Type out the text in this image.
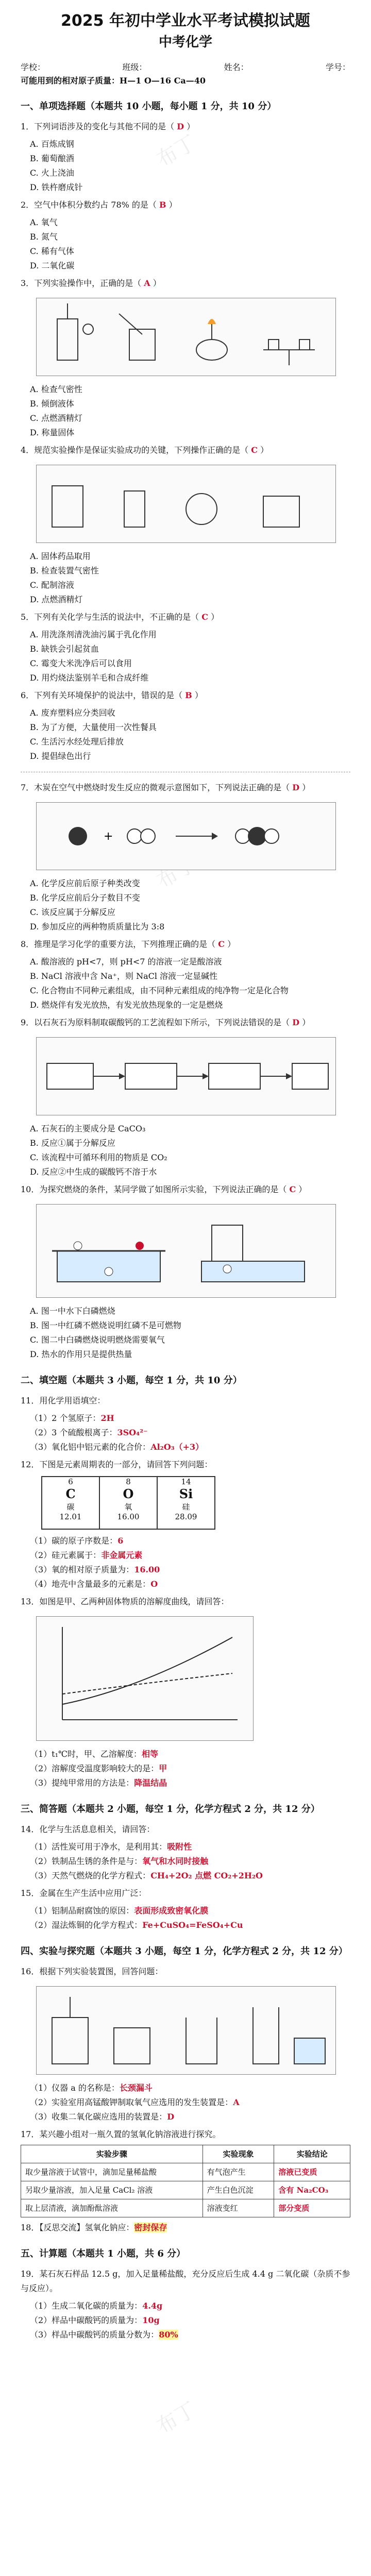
布丁
布丁
布丁
布丁
2025 年初中学业水平考试模拟试题
中考化学
学校：	班级：	姓名：	学号：
可能用到的相对原子质量：H—1 O—16 Ca—40
一、单项选择题（本题共 10 小题，每小题 1 分，共 10 分）
1．下列词语涉及的变化与其他不同的是（ D ）
A. 百炼成钢
B. 葡萄酿酒
C. 火上浇油
D. 铁杵磨成针
2．空气中体积分数约占 78% 的是（ B ）
A. 氧气
B. 氮气
C. 稀有气体
D. 二氧化碳
3．下列实验操作中，正确的是（ A ）
A. 检查气密性
B. 倾倒液体
C. 点燃酒精灯
D. 称量固体
4．规范实验操作是保证实验成功的关键，下列操作正确的是（ C ）
A. 固体药品取用
B. 检查装置气密性
C. 配制溶液
D. 点燃酒精灯
5．下列有关化学与生活的说法中，不正确的是（ C ）
A. 用洗涤剂清洗油污属于乳化作用
B. 缺铁会引起贫血
C. 霉变大米洗净后可以食用
D. 用灼烧法鉴别羊毛和合成纤维
6．下列有关环境保护的说法中，错误的是（ B ）
A. 废弃塑料应分类回收
B. 为了方便，大量使用一次性餐具
C. 生活污水经处理后排放
D. 提倡绿色出行
7．木炭在空气中燃烧时发生反应的微观示意图如下，下列说法正确的是（ D ）
+
A. 化学反应前后原子种类改变
B. 化学反应前后分子数目不变
C. 该反应属于分解反应
D. 参加反应的两种物质质量比为 3:8
8．推理是学习化学的重要方法，下列推理正确的是（ C ）
A. 酸溶液的 pH<7，则 pH<7 的溶液一定是酸溶液
B. NaCl 溶液中含 Na⁺，则 NaCl 溶液一定显碱性
C. 化合物由不同种元素组成，由不同种元素组成的纯净物一定是化合物
D. 燃烧伴有发光放热，有发光放热现象的一定是燃烧
9．以石灰石为原料制取碳酸钙的工艺流程如下所示，下列说法错误的是（ D ）
A. 石灰石的主要成分是 CaCO₃
B. 反应①属于分解反应
C. 该流程中可循环利用的物质是 CO₂
D. 反应②中生成的碳酸钙不溶于水
10．为探究燃烧的条件，某同学做了如图所示实验，下列说法正确的是（ C ）
A. 图一中水下白磷燃烧
B. 图一中红磷不燃烧说明红磷不是可燃物
C. 图二中白磷燃烧说明燃烧需要氧气
D. 热水的作用只是提供热量
二、填空题（本题共 3 小题，每空 1 分，共 10 分）
11．用化学用语填空：
（1）2 个氢原子：2H
（2）3 个硫酸根离子：3SO₄²⁻
（3）氧化铝中铝元素的化合价：Al₂O₃（+3）
12．下图是元素周期表的一部分，请回答下列问题：
6
C
碳
12.01
8
O
氧
16.00
14
Si
硅
28.09
（1）碳的原子序数是：6
（2）硅元素属于：非金属元素
（3）氧的相对原子质量为：16.00
（4）地壳中含量最多的元素是：O
13．如图是甲、乙两种固体物质的溶解度曲线，请回答：
（1）t₁℃时，甲、乙溶解度：相等
（2）溶解度受温度影响较大的是：甲
（3）提纯甲常用的方法是：降温结晶
三、简答题（本题共 2 小题，每空 1 分，化学方程式 2 分，共 12 分）
14．化学与生活息息相关，请回答：
（1）活性炭可用于净水，是利用其：吸附性
（2）铁制品生锈的条件是与：氧气和水同时接触
（3）天然气燃烧的化学方程式：CH₄+2O₂ 点燃 CO₂+2H₂O
15．金属在生产生活中应用广泛：
（1）铝制品耐腐蚀的原因：表面形成致密氧化膜
（2）湿法炼铜的化学方程式：Fe+CuSO₄=FeSO₄+Cu
四、实验与探究题（本题共 3 小题，每空 1 分，化学方程式 2 分，共 12 分）
16．根据下列实验装置图，回答问题：
（1）仪器 a 的名称是：长颈漏斗
（2）实验室用高锰酸钾制取氧气应选用的发生装置是：A
（3）收集二氧化碳应选用的装置是：D
17．某兴趣小组对一瓶久置的氢氧化钠溶液进行探究。
实验步骤	实验现象	实验结论
取少量溶液于试管中，滴加足量稀盐酸	有气泡产生	溶液已变质
另取少量溶液，加入足量 CaCl₂ 溶液	产生白色沉淀	含有 Na₂CO₃
取上层清液，滴加酚酞溶液	溶液变红	部分变质
18．【反思交流】氢氧化钠应：密封保存
五、计算题（本题共 1 小题，共 6 分）
19．某石灰石样品 12.5 g，加入足量稀盐酸，充分反应后生成 4.4 g 二氧化碳（杂质不参与反应）。
（1）生成二氧化碳的质量为：4.4g
（2）样品中碳酸钙的质量为：10g
（3）样品中碳酸钙的质量分数为：80%
